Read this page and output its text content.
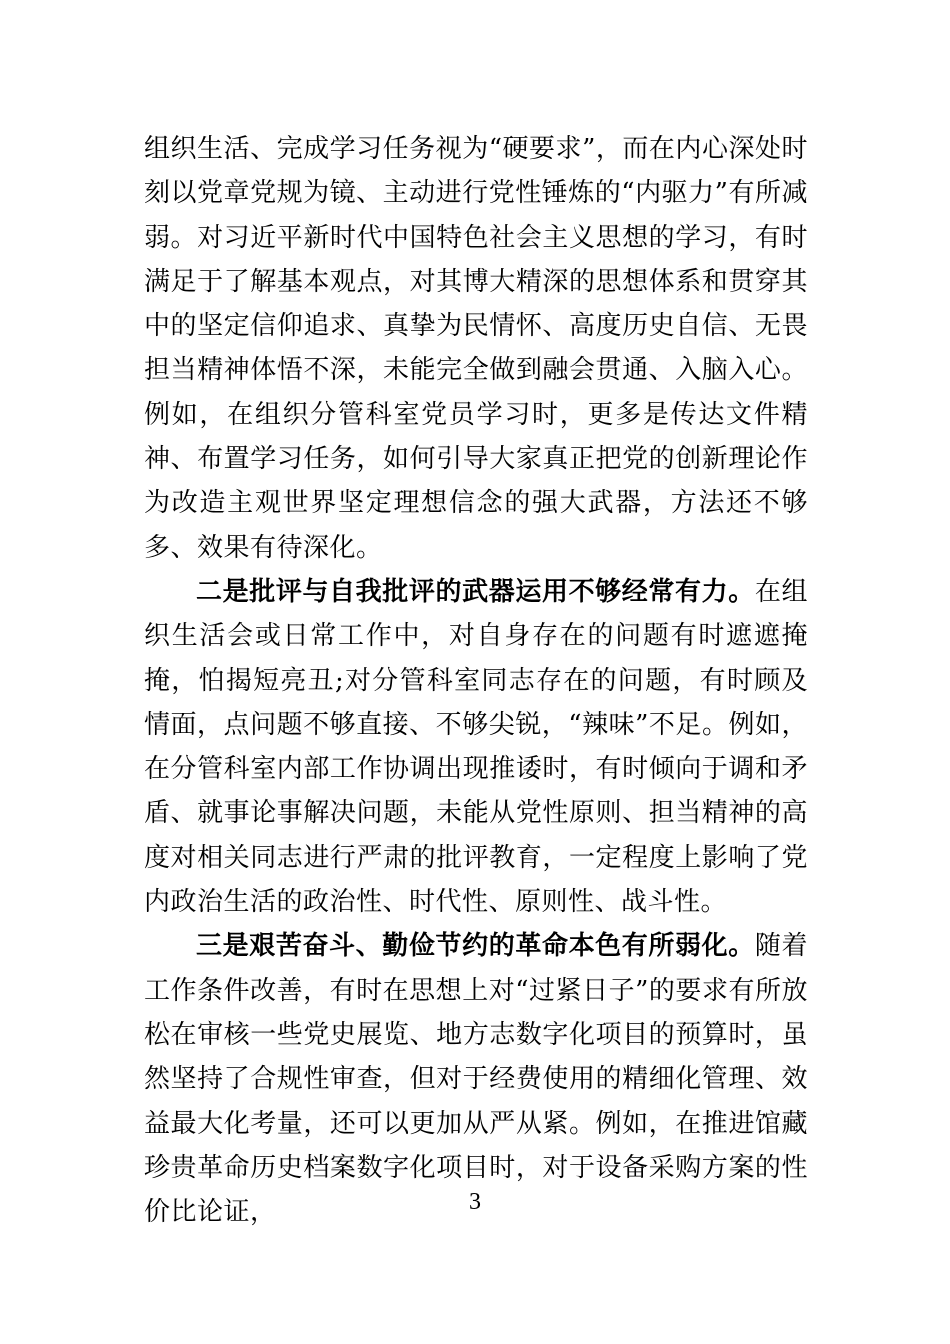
组织生活、完成学习任务视为“硬要求”，而在内心深处时刻以党章党规为镜、主动进行党性锤炼的“内驱力”有所减弱。对习近平新时代中国特色社会主义思想的学习，有时满足于了解基本观点，对其博大精深的思想体系和贯穿其中的坚定信仰追求、真挚为民情怀、高度历史自信、无畏担当精神体悟不深，未能完全做到融会贯通、入脑入心。例如，在组织分管科室党员学习时，更多是传达文件精神、布置学习任务，如何引导大家真正把党的创新理论作为改造主观世界坚定理想信念的强大武器，方法还不够多、效果有待深化。

二是批评与自我批评的武器运用不够经常有力。在组织生活会或日常工作中，对自身存在的问题有时遮遮掩掩，怕揭短亮丑;对分管科室同志存在的问题，有时顾及情面，点问题不够直接、不够尖锐，“辣味”不足。例如，在分管科室内部工作协调出现推诿时，有时倾向于调和矛盾、就事论事解决问题，未能从党性原则、担当精神的高度对相关同志进行严肃的批评教育，一定程度上影响了党内政治生活的政治性、时代性、原则性、战斗性。

三是艰苦奋斗、勤俭节约的革命本色有所弱化。随着工作条件改善，有时在思想上对“过紧日子”的要求有所放松在审核一些党史展览、地方志数字化项目的预算时，虽然坚持了合规性审查，但对于经费使用的精细化管理、效益最大化考量，还可以更加从严从紧。例如，在推进馆藏珍贵革命历史档案数字化项目时，对于设备采购方案的性价比论证，	3
